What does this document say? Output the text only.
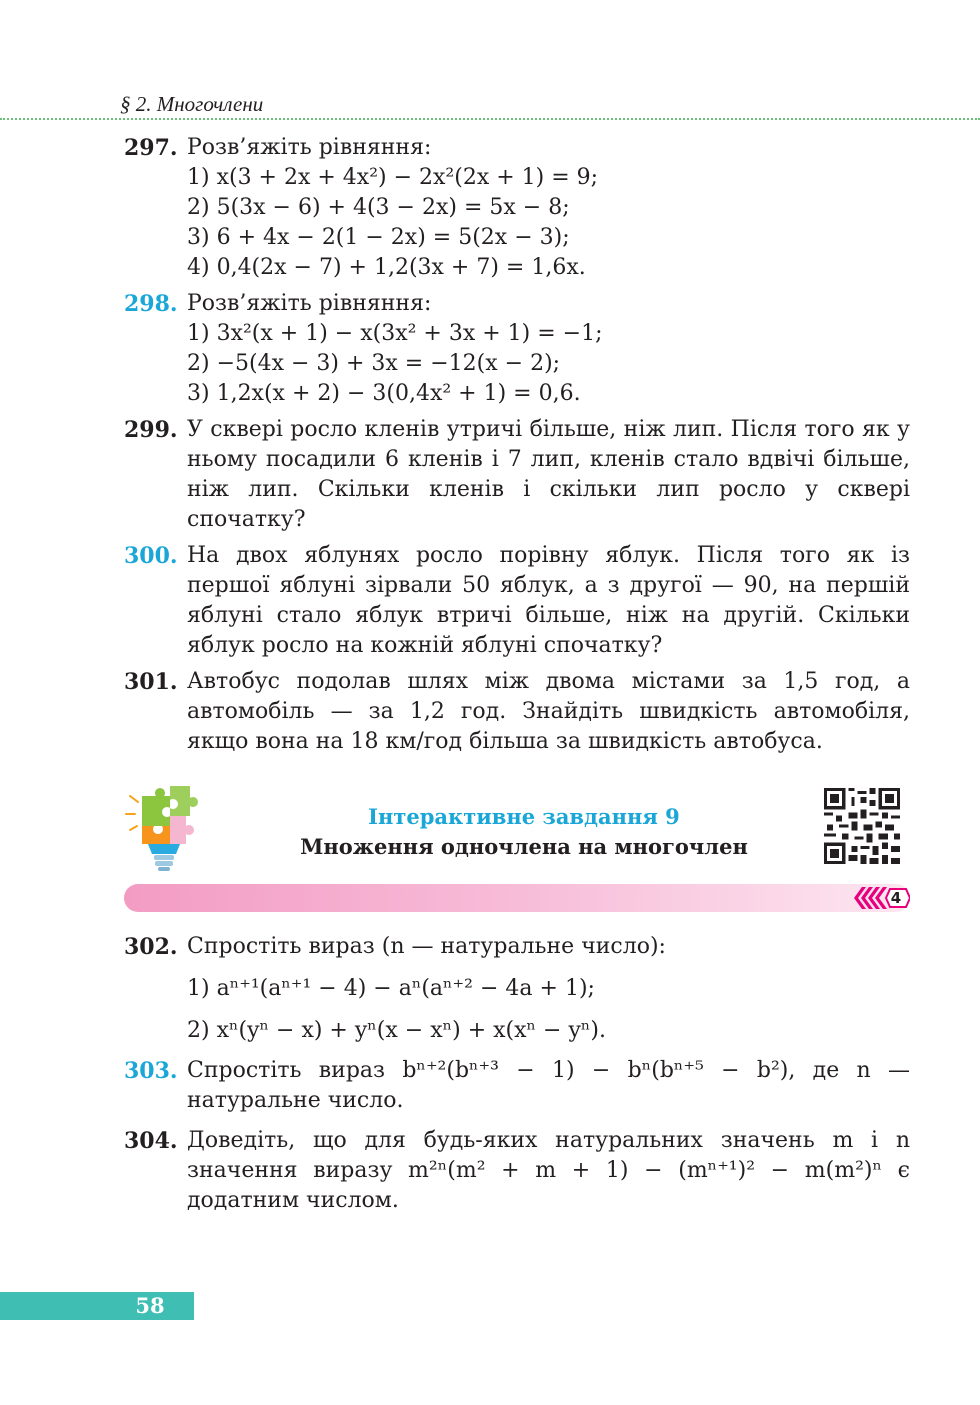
§ 2. Многочлени
297. Розв’яжіть рівняння:
1) x(3 + 2x + 4x²) − 2x²(2x + 1) = 9;
2) 5(3x − 6) + 4(3 − 2x) = 5x − 8;
3) 6 + 4x − 2(1 − 2x) = 5(2x − 3);
4) 0,4(2x − 7) + 1,2(3x + 7) = 1,6x.
298. Розв’яжіть рівняння:
1) 3x²(x + 1) − x(3x² + 3x + 1) = −1;
2) −5(4x − 3) + 3x = −12(x − 2);
3) 1,2x(x + 2) − 3(0,4x² + 1) = 0,6.
299. У сквері росло кленів утричі більше, ніж лип. Після того як у ньому посадили 6 кленів і 7 лип, кленів стало вдвічі більше, ніж лип. Скільки кленів і скільки лип росло у сквері спочатку?
300. На двох яблунях росло порівну яблук. Після того як із першої яблуні зірвали 50 яблук, а з другої — 90, на першій яблуні стало яблук втричі більше, ніж на другій. Скільки яблук росло на кожній яблуні спочатку?
301. Автобус подолав шлях між двома містами за 1,5 год, а автомобіль — за 1,2 год. Знайдіть швидкість автомобіля, якщо вона на 18 км/год більша за швидкість автобуса.
Інтерактивне завдання 9
Множення одночлена на многочлен
4
302. Спростіть вираз (n — натуральне число):
1) aⁿ⁺¹(aⁿ⁺¹ − 4) − aⁿ(aⁿ⁺² − 4a + 1);
2) xⁿ(yⁿ − x) + yⁿ(x − xⁿ) + x(xⁿ − yⁿ).
303. Спростіть вираз bⁿ⁺²(bⁿ⁺³ − 1) − bⁿ(bⁿ⁺⁵ − b²), де n — натуральне число.
304. Доведіть, що для будь-яких натуральних значень m і n значення виразу m²ⁿ(m² + m + 1) − (mⁿ⁺¹)² − m(m²)ⁿ є додатним числом.
58
